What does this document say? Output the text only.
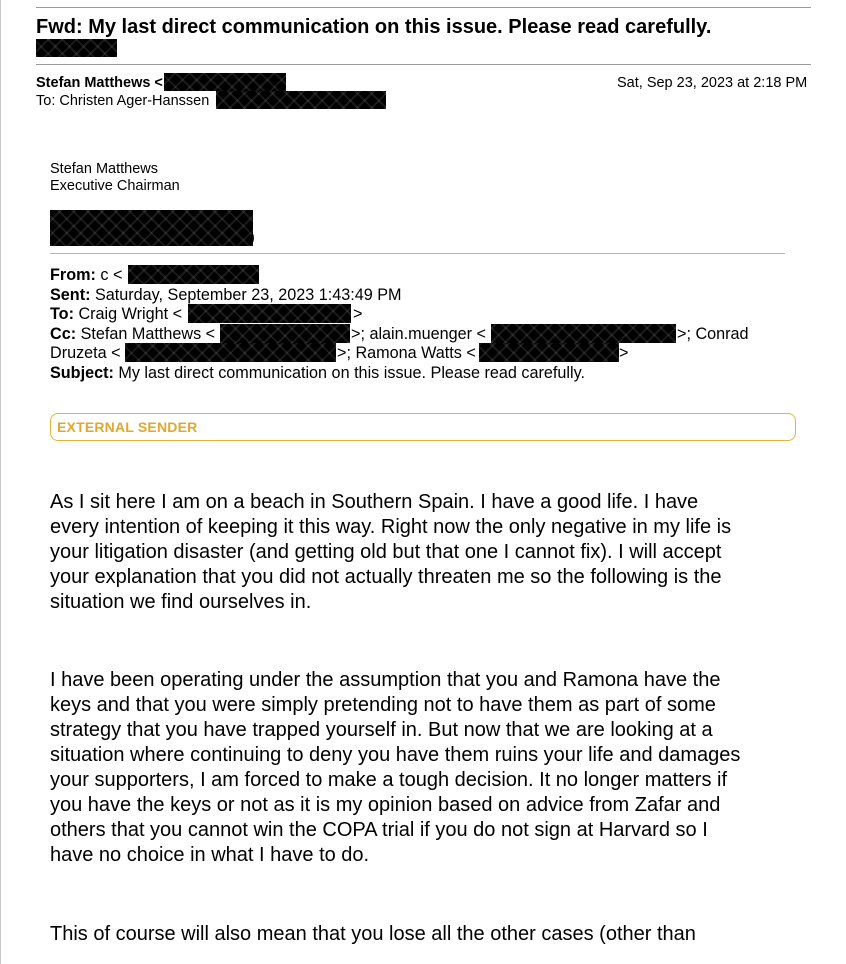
Fwd: My last direct communication on this issue. Please read carefully.
Stefan Matthews <	Sat, Sep 23, 2023 at 2:18 PM
To: Christen Ager-Hanssen
Stefan Matthews
Executive Chairman
)
From: c <
Sent: Saturday, September 23, 2023 1:43:49 PM
To: Craig Wright <	>
Cc: Stefan Matthews <	>; alain.muenger <	>; Conrad
Druzeta <	>; Ramona Watts <	>
Subject: My last direct communication on this issue. Please read carefully.
EXTERNAL SENDER
As I sit here I am on a beach in Southern Spain. I have a good life. I have
every intention of keeping it this way. Right now the only negative in my life is
your litigation disaster (and getting old but that one I cannot fix). I will accept
your explanation that you did not actually threaten me so the following is the
situation we find ourselves in.
I have been operating under the assumption that you and Ramona have the
keys and that you were simply pretending not to have them as part of some
strategy that you have trapped yourself in. But now that we are looking at a
situation where continuing to deny you have them ruins your life and damages
your supporters, I am forced to make a tough decision. It no longer matters if
you have the keys or not as it is my opinion based on advice from Zafar and
others that you cannot win the COPA trial if you do not sign at Harvard so I
have no choice in what I have to do.
This of course will also mean that you lose all the other cases (other than
